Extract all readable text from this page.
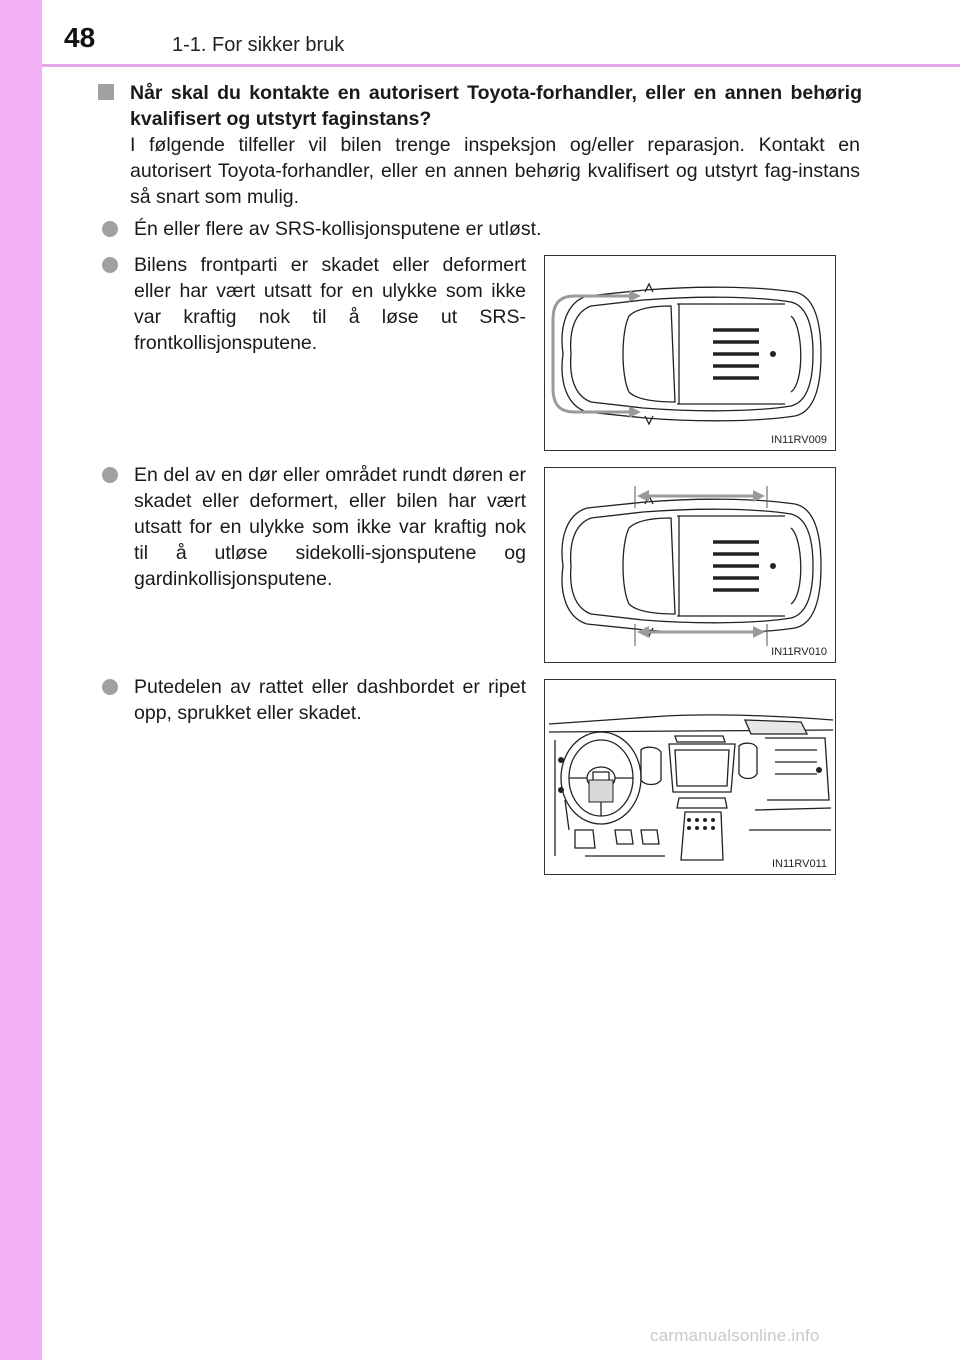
48	1-1. For sikker bruk
Når skal du kontakte en autorisert Toyota-forhandler, eller en annen behørig kvalifisert og utstyrt faginstans?
I følgende tilfeller vil bilen trenge inspeksjon og/eller reparasjon. Kontakt en autorisert Toyota-forhandler, eller en annen behørig kvalifisert og utstyrt fag-instans så snart som mulig.
Én eller flere av SRS-kollisjonsputene er utløst.
Bilens frontparti er skadet eller deformert eller har vært utsatt for en ulykke som ikke var kraftig nok til å løse ut SRS-frontkollisjonsputene.
IN11RV009
En del av en dør eller området rundt døren er skadet eller deformert, eller bilen har vært utsatt for en ulykke som ikke var kraftig nok til å utløse sidekolli-sjonsputene og gardinkollisjonsputene.
IN11RV010
Putedelen av rattet eller dashbordet er ripet opp, sprukket eller skadet.
IN11RV011
carmanualsonline.info
